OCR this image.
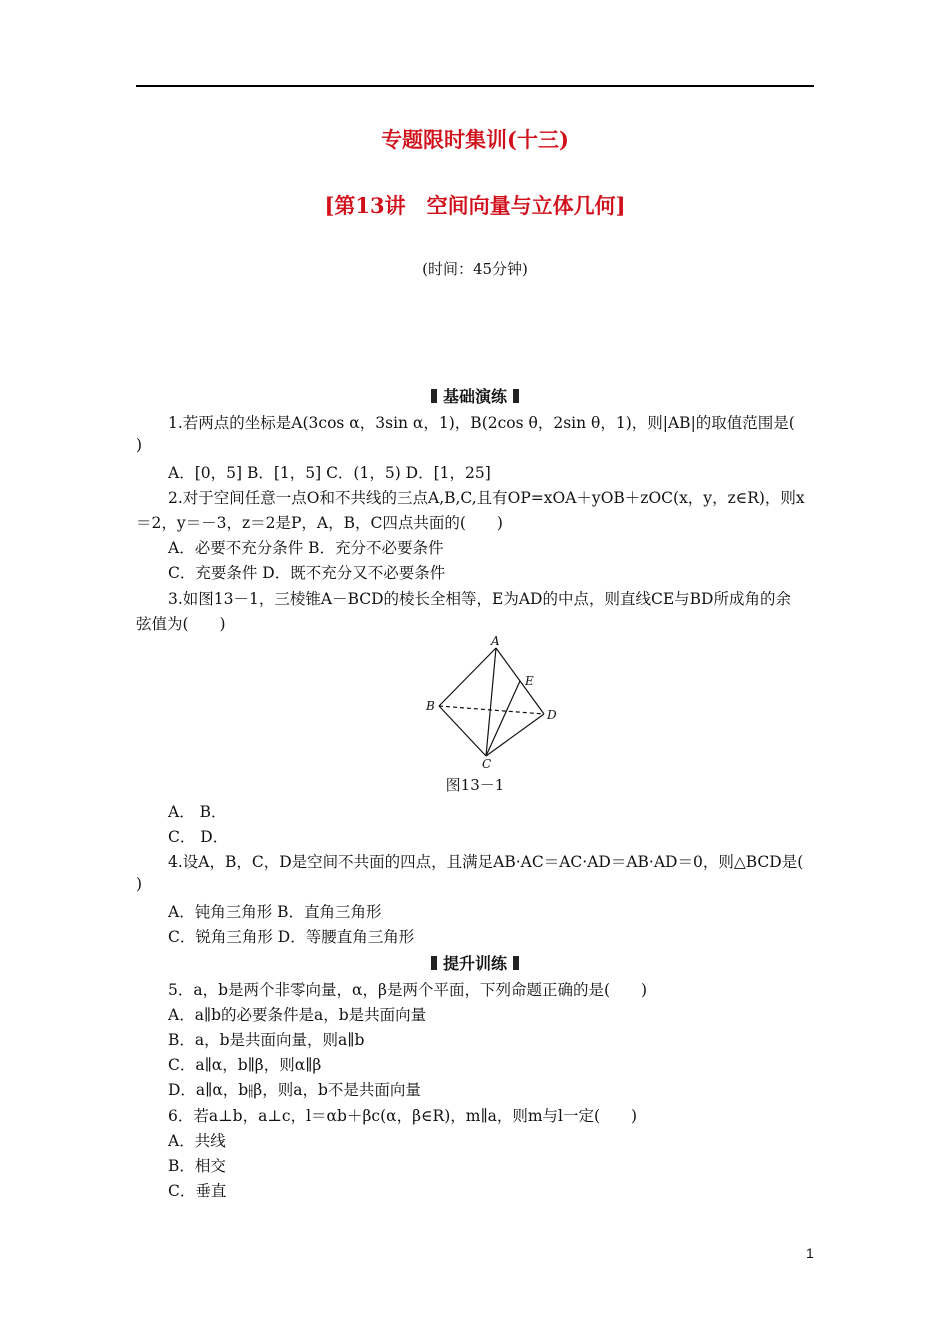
专题限时集训(十三)
[第13讲　空间向量与立体几何]
(时间：45分钟)
基础演练
1.若两点的坐标是A(3cos α，3sin α，1)，B(2cos θ，2sin θ，1)，则|AB|的取值范围是(
)
A．[0，5] B．[1，5] C．(1，5) D．[1，25]
2.对于空间任意一点O和不共线的三点A,B,C,且有OP=xOA＋yOB＋zOC(x，y，z∈R)，则x
＝2，y＝－3，z＝2是P，A，B，C四点共面的(　　)
A．必要不充分条件 B．充分不必要条件
C．充要条件 D．既不充分又不必要条件
3.如图13－1，三棱锥A－BCD的棱长全相等，E为AD的中点，则直线CE与BD所成角的余
弦值为(　　)
A
B
C
D
E
图13－1
A． B．
C． D．
4.设A，B，C，D是空间不共面的四点，且满足AB·AC＝AC·AD＝AB·AD＝0，则△BCD是(
)
A．钝角三角形 B．直角三角形
C．锐角三角形 D．等腰直角三角形
提升训练
5．a，b是两个非零向量，α，β是两个平面，下列命题正确的是(　　)
A．a∥b的必要条件是a，b是共面向量
B．a，b是共面向量，则a∥b
C．a∥α，b∥β，则α∥β
D．a∥α，b⫲β，则a，b不是共面向量
6．若a⊥b，a⊥c，l＝αb＋βc(α，β∈R)，m∥a，则m与l一定(　　)
A．共线
B．相交
C．垂直
1
